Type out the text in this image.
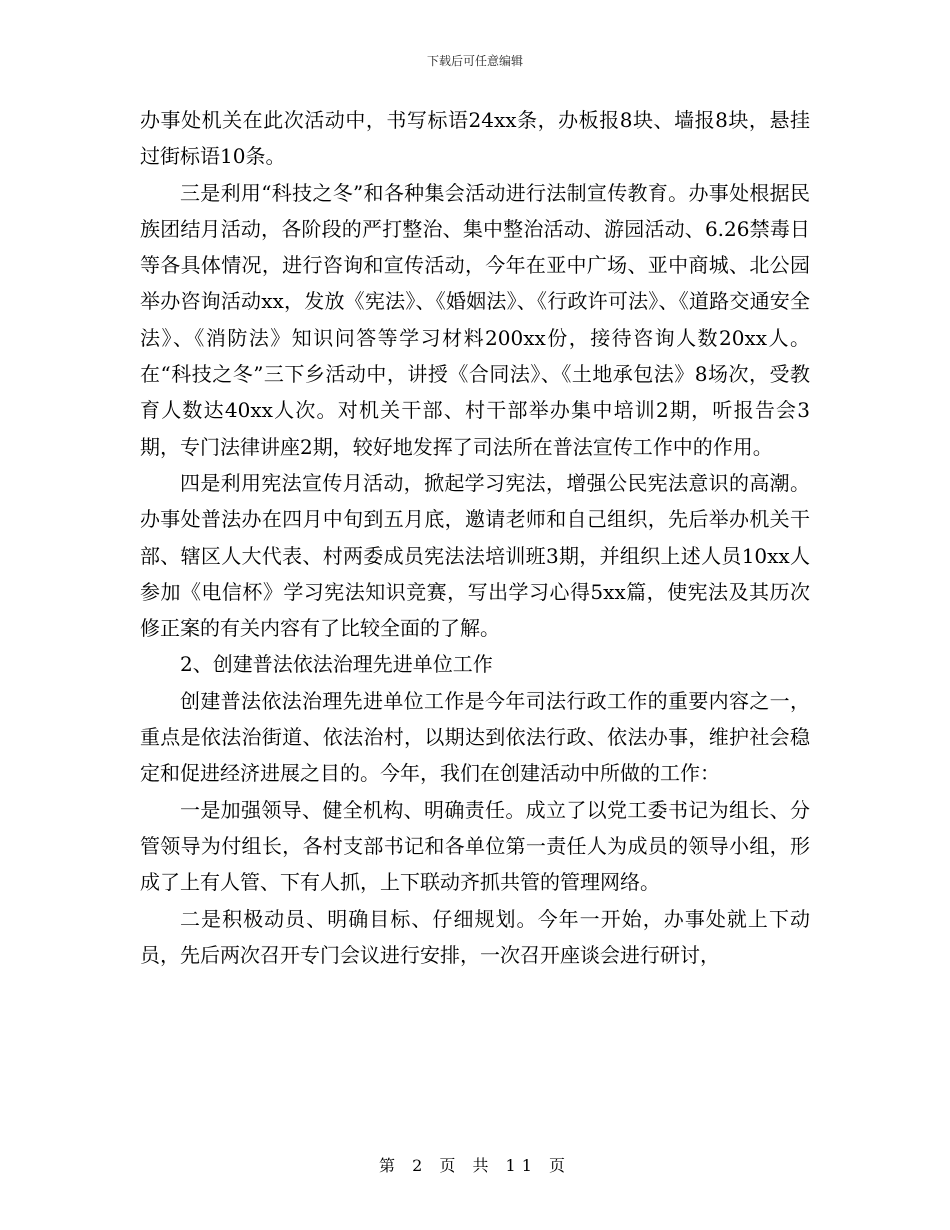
下载后可任意编辑

办事处机关在此次活动中，书写标语24xx条，办板报8块、墙报8块，悬挂过街标语10条。

三是利用“科技之冬”和各种集会活动进行法制宣传教育。办事处根据民族团结月活动，各阶段的严打整治、集中整治活动、游园活动、6.26禁毒日等各具体情况，进行咨询和宣传活动，今年在亚中广场、亚中商城、北公园举办咨询活动xx，发放《宪法》、《婚姻法》、《行政许可法》、《道路交通安全法》、《消防法》知识问答等学习材料200xx份，接待咨询人数20xx人。在“科技之冬”三下乡活动中，讲授《合同法》、《土地承包法》8场次，受教育人数达40xx人次。对机关干部、村干部举办集中培训2期，听报告会3期，专门法律讲座2期，较好地发挥了司法所在普法宣传工作中的作用。

四是利用宪法宣传月活动，掀起学习宪法，增强公民宪法意识的高潮。办事处普法办在四月中旬到五月底，邀请老师和自己组织，先后举办机关干部、辖区人大代表、村两委成员宪法法培训班3期，并组织上述人员10xx人参加《电信杯》学习宪法知识竞赛，写出学习心得5xx篇，使宪法及其历次修正案的有关内容有了比较全面的了解。

2、创建普法依法治理先进单位工作

创建普法依法治理先进单位工作是今年司法行政工作的重要内容之一，重点是依法治街道、依法治村，以期达到依法行政、依法办事，维护社会稳定和促进经济进展之目的。今年，我们在创建活动中所做的工作：

一是加强领导、健全机构、明确责任。成立了以党工委书记为组长、分管领导为付组长，各村支部书记和各单位第一责任人为成员的领导小组，形成了上有人管、下有人抓，上下联动齐抓共管的管理网络。

二是积极动员、明确目标、仔细规划。今年一开始，办事处就上下动员，先后两次召开专门会议进行安排，一次召开座谈会进行研讨，

第 2 页 共 11 页
